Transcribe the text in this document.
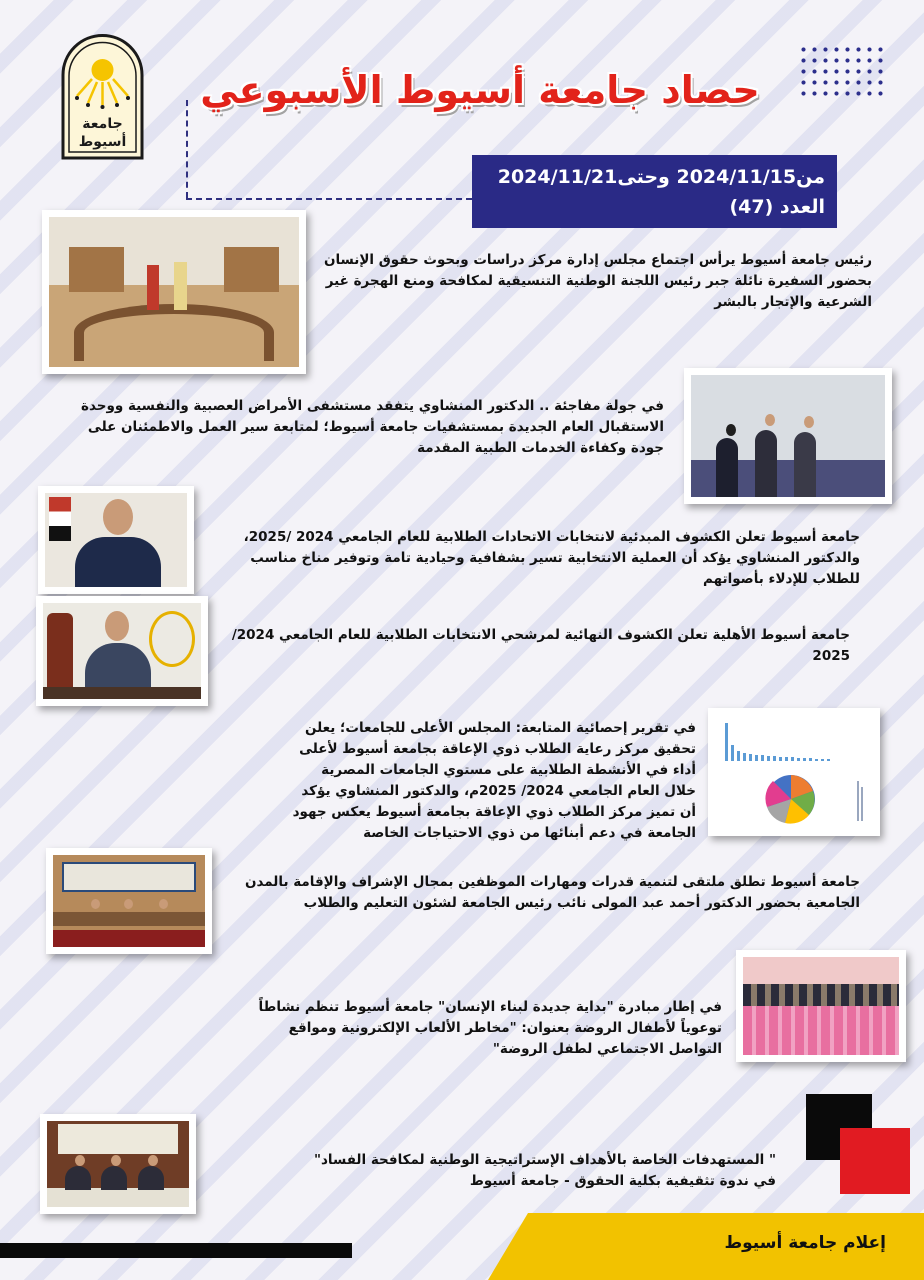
جامعة
أسيوط
حصاد جامعة أسيوط الأسبوعي
من2024/11/15 وحتى2024/11/21
العدد (47)
رئيس جامعة أسيوط يرأس اجتماع مجلس إدارة مركز دراسات وبحوث حقوق الإنسان بحضور السفيرة نائلة جبر رئيس اللجنة الوطنية التنسيقية لمكافحة ومنع الهجرة غير الشرعية والإتجار بالبشر
في جولة مفاجئة .. الدكتور المنشاوي يتفقد مستشفى الأمراض العصبية والنفسية ووحدة الاستقبال العام الجديدة بمستشفيات جامعة أسيوط؛ لمتابعة سير العمل والاطمئنان على جودة وكفاءة الخدمات الطبية المقدمة
جامعة أسيوط تعلن الكشوف المبدئية لانتخابات الاتحادات الطلابية للعام الجامعي 2024 /2025، والدكتور المنشاوي يؤكد أن العملية الانتخابية تسير بشفافية وحيادية تامة وتوفير مناخ مناسب للطلاب للإدلاء بأصواتهم
جامعة أسيوط الأهلية تعلن الكشوف النهائية لمرشحي الانتخابات الطلابية للعام الجامعي 2024/ 2025
في تقرير إحصائية المتابعة: المجلس الأعلى للجامعات؛ يعلن تحقيق مركز رعاية الطلاب ذوي الإعاقة بجامعة أسيوط لأعلى أداء في الأنشطة الطلابية على مستوي الجامعات المصرية خلال العام الجامعي 2024/ 2025م، والدكتور المنشاوي يؤكد أن تميز مركز الطلاب ذوي الإعاقة بجامعة أسيوط يعكس جهود الجامعة في دعم أبنائها من ذوي الاحتياجات الخاصة
جامعة أسيوط تطلق ملتقى لتنمية قدرات ومهارات الموظفين بمجال الإشراف والإقامة بالمدن الجامعية بحضور الدكتور أحمد عبد المولى نائب رئيس الجامعة لشئون التعليم والطلاب
في إطار مبادرة "بداية جديدة لبناء الإنسان" جامعة أسيوط تنظم نشاطاً توعوياً لأطفال الروضة بعنوان: "مخاطر الألعاب الإلكترونية ومواقع التواصل الاجتماعي لطفل الروضة"
" المستهدفات الخاصة بالأهداف الإستراتيجية الوطنية لمكافحة الفساد" في ندوة تثقيفية بكلية الحقوق - جامعة أسيوط
إعلام جامعة أسيوط
